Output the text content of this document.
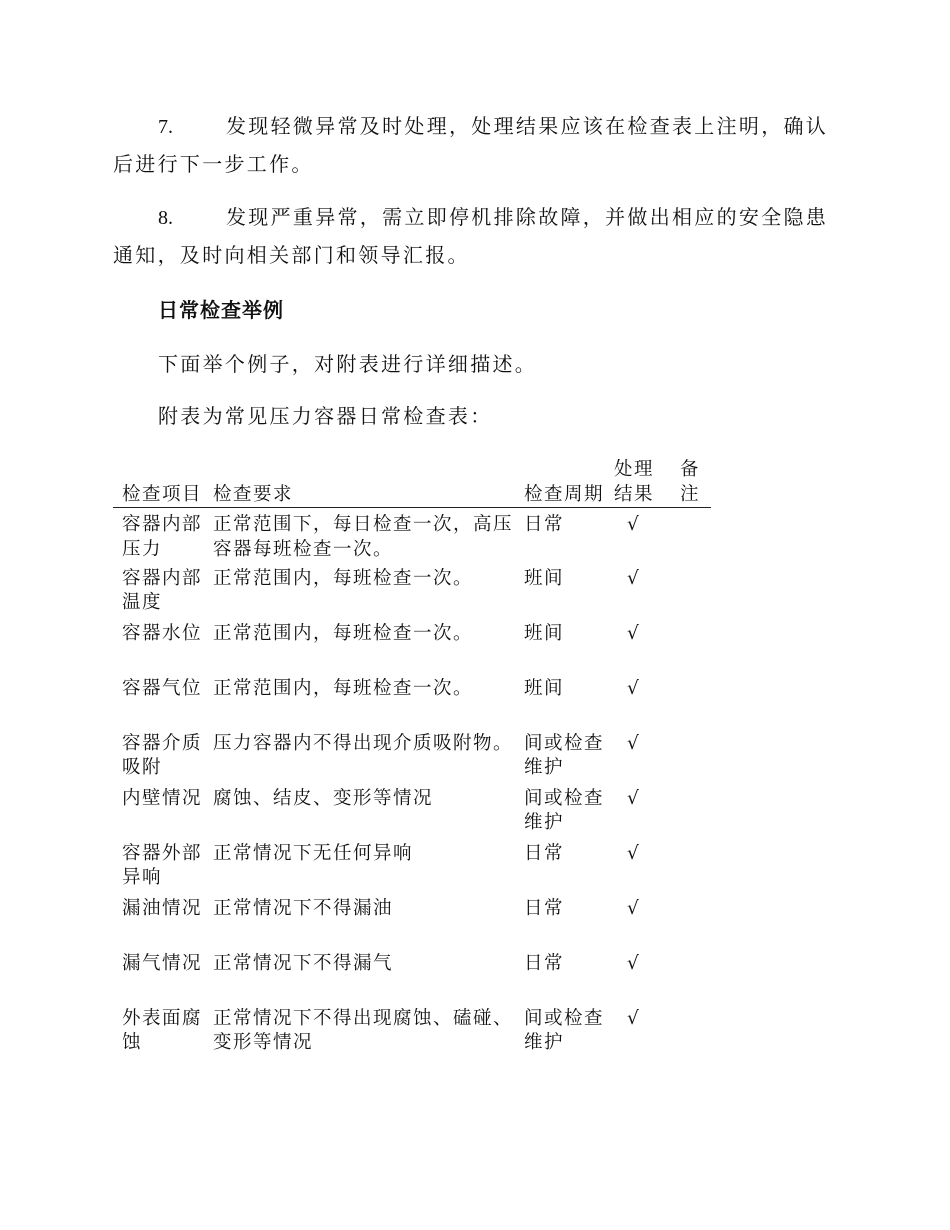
7.	发现轻微异常及时处理，处理结果应该在检查表上注明，确认后进行下一步工作。

8.	发现严重异常，需立即停机排除故障，并做出相应的安全隐患通知，及时向相关部门和领导汇报。

日常检查举例

下面举个例子，对附表进行详细描述。

附表为常见压力容器日常检查表：

检查项目	检查要求	检查周期	处理结果	备注
容器内部压力	正常范围下，每日检查一次，高压容器每班检查一次。	日常	√	
容器内部温度	正常范围内，每班检查一次。	班间	√	
容器水位	正常范围内，每班检查一次。	班间	√	
容器气位	正常范围内，每班检查一次。	班间	√	
容器介质吸附	压力容器内不得出现介质吸附物。	间或检查维护	√	
内壁情况	腐蚀、结皮、变形等情况	间或检查维护	√	
容器外部异响	正常情况下无任何异响	日常	√	
漏油情况	正常情况下不得漏油	日常	√	
漏气情况	正常情况下不得漏气	日常	√	
外表面腐蚀	正常情况下不得出现腐蚀、磕碰、变形等情况	间或检查维护	√	
